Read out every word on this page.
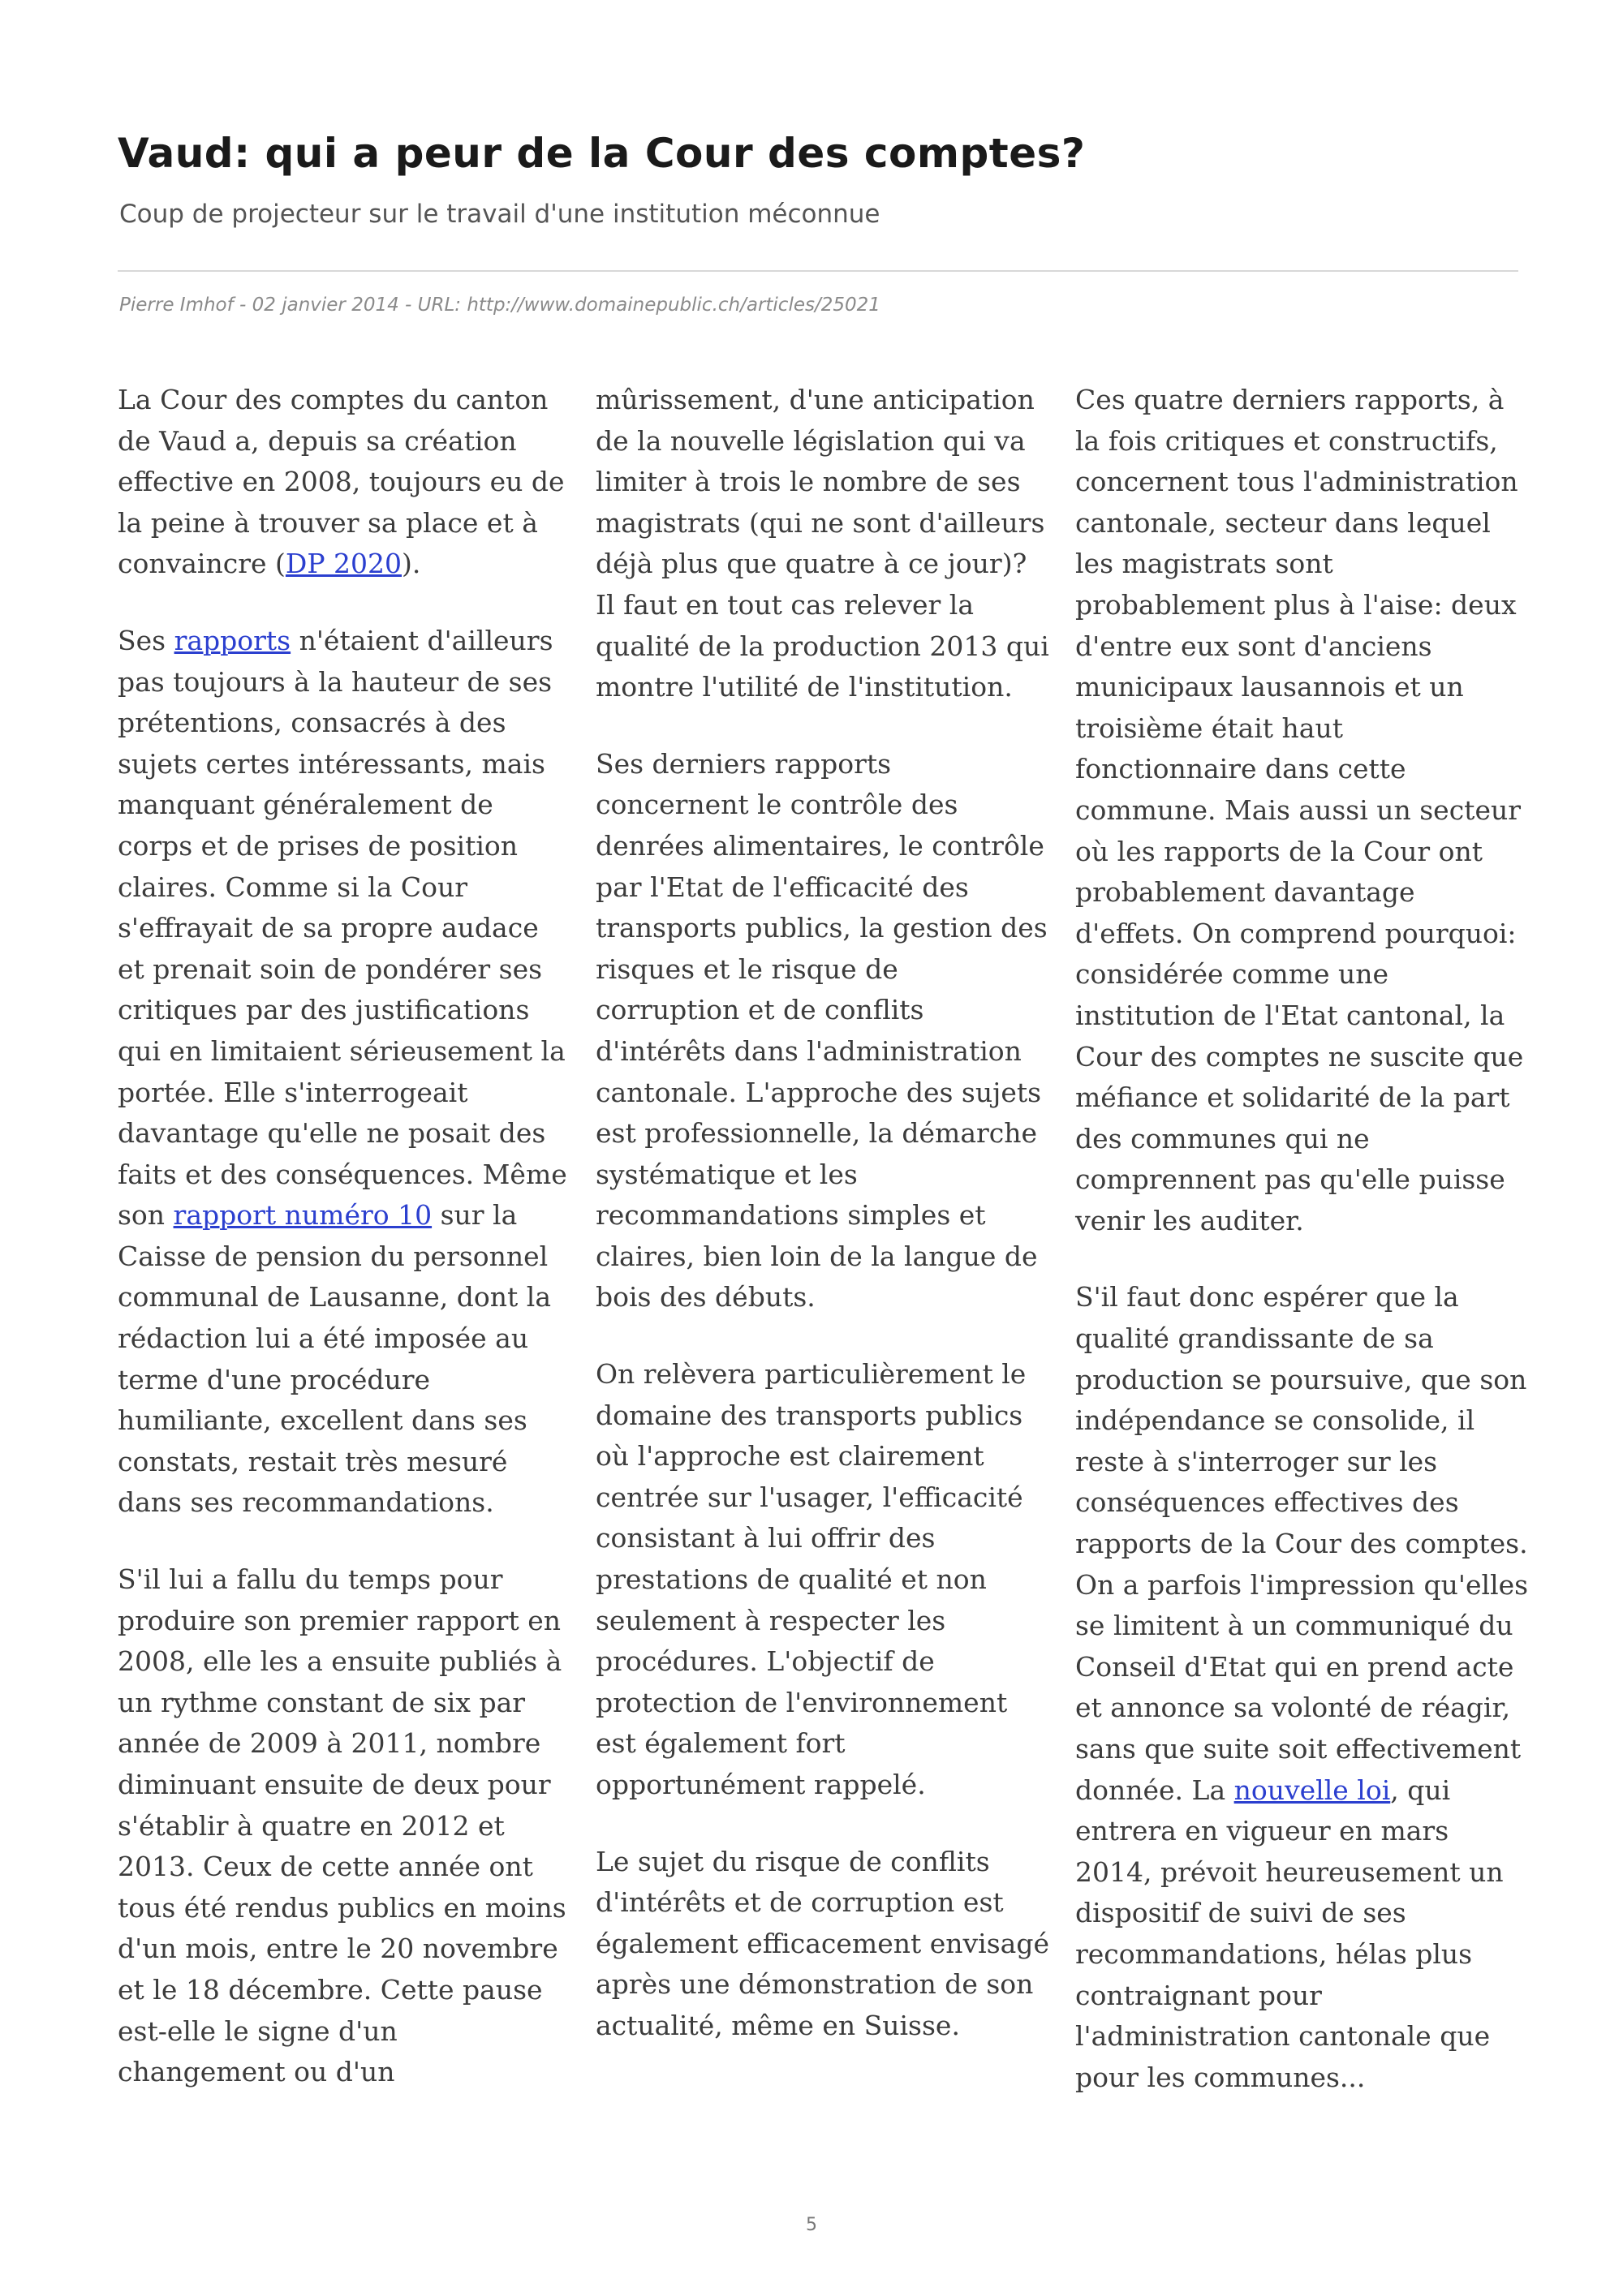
Vaud: qui a peur de la Cour des comptes?

Coup de projecteur sur le travail d'une institution méconnue

Pierre Imhof - 02 janvier 2014 - URL: http://www.domainepublic.ch/articles/25021

La Cour des comptes du canton de Vaud a, depuis sa création effective en 2008, toujours eu de la peine à trouver sa place et à convaincre (DP 2020).

Ses rapports n'étaient d'ailleurs pas toujours à la hauteur de ses prétentions, consacrés à des sujets certes intéressants, mais manquant généralement de corps et de prises de position claires. Comme si la Cour s'effrayait de sa propre audace et prenait soin de pondérer ses critiques par des justifications qui en limitaient sérieusement la portée. Elle s'interrogeait davantage qu'elle ne posait des faits et des conséquences. Même son rapport numéro 10 sur la Caisse de pension du personnel communal de Lausanne, dont la rédaction lui a été imposée au terme d'une procédure humiliante, excellent dans ses constats, restait très mesuré dans ses recommandations.

S'il lui a fallu du temps pour produire son premier rapport en 2008, elle les a ensuite publiés à un rythme constant de six par année de 2009 à 2011, nombre diminuant ensuite de deux pour s'établir à quatre en 2012 et 2013. Ceux de cette année ont tous été rendus publics en moins d'un mois, entre le 20 novembre et le 18 décembre. Cette pause est-elle le signe d'un changement ou d'un

mûrissement, d'une anticipation de la nouvelle législation qui va limiter à trois le nombre de ses magistrats (qui ne sont d'ailleurs déjà plus que quatre à ce jour)? Il faut en tout cas relever la qualité de la production 2013 qui montre l'utilité de l'institution.

Ses derniers rapports concernent le contrôle des denrées alimentaires, le contrôle par l'Etat de l'efficacité des transports publics, la gestion des risques et le risque de corruption et de conflits d'intérêts dans l'administration cantonale. L'approche des sujets est professionnelle, la démarche systématique et les recommandations simples et claires, bien loin de la langue de bois des débuts.

On relèvera particulièrement le domaine des transports publics où l'approche est clairement centrée sur l'usager, l'efficacité consistant à lui offrir des prestations de qualité et non seulement à respecter les procédures. L'objectif de protection de l'environnement est également fort opportunément rappelé.

Le sujet du risque de conflits d'intérêts et de corruption est également efficacement envisagé après une démonstration de son actualité, même en Suisse.

Ces quatre derniers rapports, à la fois critiques et constructifs, concernent tous l'administration cantonale, secteur dans lequel les magistrats sont probablement plus à l'aise: deux d'entre eux sont d'anciens municipaux lausannois et un troisième était haut fonctionnaire dans cette commune. Mais aussi un secteur où les rapports de la Cour ont probablement davantage d'effets. On comprend pourquoi: considérée comme une institution de l'Etat cantonal, la Cour des comptes ne suscite que méfiance et solidarité de la part des communes qui ne comprennent pas qu'elle puisse venir les auditer.

S'il faut donc espérer que la qualité grandissante de sa production se poursuive, que son indépendance se consolide, il reste à s'interroger sur les conséquences effectives des rapports de la Cour des comptes. On a parfois l'impression qu'elles se limitent à un communiqué du Conseil d'Etat qui en prend acte et annonce sa volonté de réagir, sans que suite soit effectivement donnée. La nouvelle loi, qui entrera en vigueur en mars 2014, prévoit heureusement un dispositif de suivi de ses recommandations, hélas plus contraignant pour l'administration cantonale que pour les communes...

5
